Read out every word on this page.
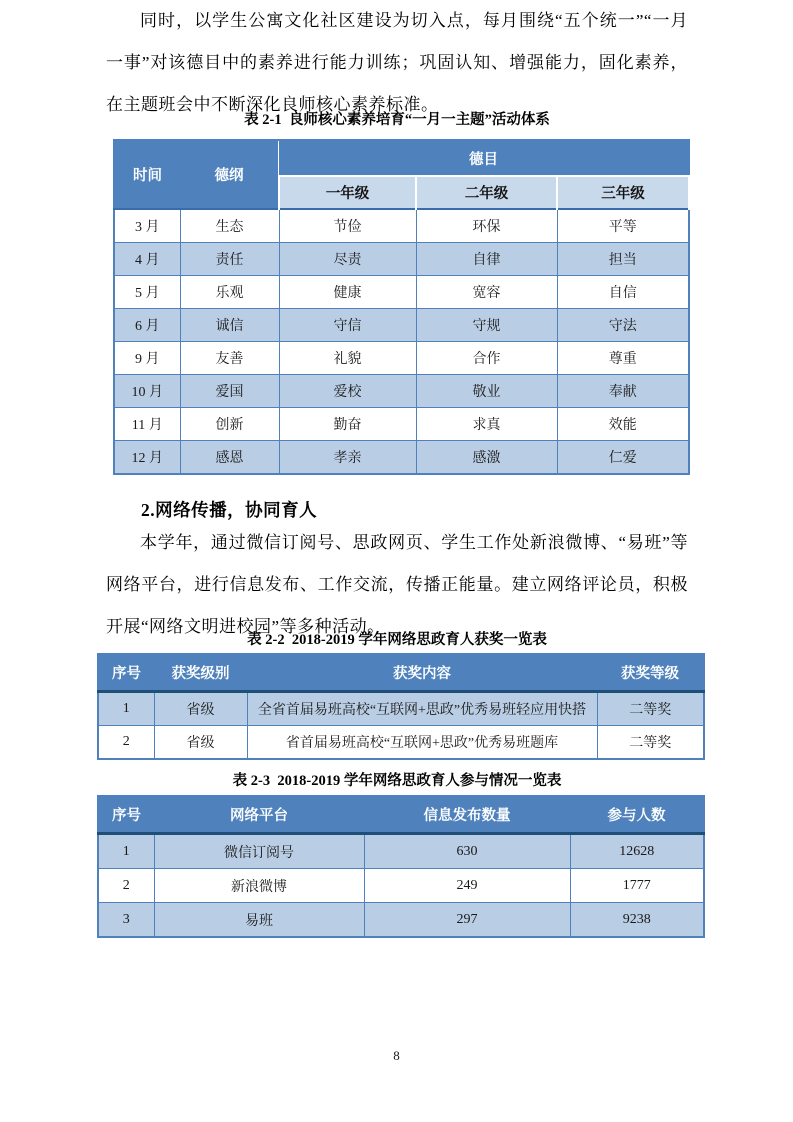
同时，以学生公寓文化社区建设为切入点，每月围绕“五个统一”“一月一事”对该德目中的素养进行能力训练；巩固认知、增强能力，固化素养，在主题班会中不断深化良师核心素养标准。

表 2-1  良师核心素养培育“一月一主题”活动体系
时间	德纲	德目		
		一年级	二年级	三年级
3 月	生态	节俭	环保	平等
4 月	责任	尽责	自律	担当
5 月	乐观	健康	宽容	自信
6 月	诚信	守信	守规	守法
9 月	友善	礼貌	合作	尊重
10 月	爱国	爱校	敬业	奉献
11 月	创新	勤奋	求真	效能
12 月	感恩	孝亲	感激	仁爱
2.网络传播，协同育人

本学年，通过微信订阅号、思政网页、学生工作处新浪微博、“易班”等网络平台，进行信息发布、工作交流，传播正能量。建立网络评论员，积极开展“网络文明进校园”等多种活动。

表 2-2  2018-2019 学年网络思政育人获奖一览表
序号	获奖级别	获奖内容	获奖等级
1	省级	全省首届易班高校“互联网+思政”优秀易班轻应用快搭	二等奖
2	省级	省首届易班高校“互联网+思政”优秀易班题库	二等奖
表 2-3  2018-2019 学年网络思政育人参与情况一览表
序号	网络平台	信息发布数量	参与人数
1	微信订阅号	630	12628
2	新浪微博	249	1777
3	易班	297	9238
8
